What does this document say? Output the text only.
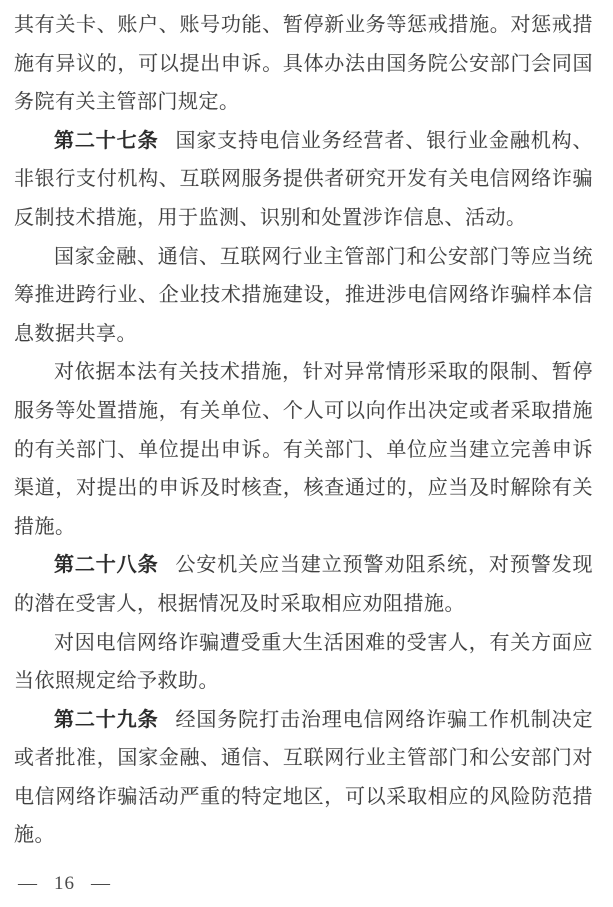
其有关卡、账户、账号功能、暂停新业务等惩戒措施。对惩戒措施有异议的，可以提出申诉。具体办法由国务院公安部门会同国务院有关主管部门规定。

第二十七条 国家支持电信业务经营者、银行业金融机构、非银行支付机构、互联网服务提供者研究开发有关电信网络诈骗反制技术措施，用于监测、识别和处置涉诈信息、活动。

国家金融、通信、互联网行业主管部门和公安部门等应当统筹推进跨行业、企业技术措施建设，推进涉电信网络诈骗样本信息数据共享。

对依据本法有关技术措施，针对异常情形采取的限制、暂停服务等处置措施，有关单位、个人可以向作出决定或者采取措施的有关部门、单位提出申诉。有关部门、单位应当建立完善申诉渠道，对提出的申诉及时核查，核查通过的，应当及时解除有关措施。

第二十八条 公安机关应当建立预警劝阻系统，对预警发现的潜在受害人，根据情况及时采取相应劝阻措施。

对因电信网络诈骗遭受重大生活困难的受害人，有关方面应当依照规定给予救助。

第二十九条 经国务院打击治理电信网络诈骗工作机制决定或者批准，国家金融、通信、互联网行业主管部门和公安部门对电信网络诈骗活动严重的特定地区，可以采取相应的风险防范措施。

— 16 —
